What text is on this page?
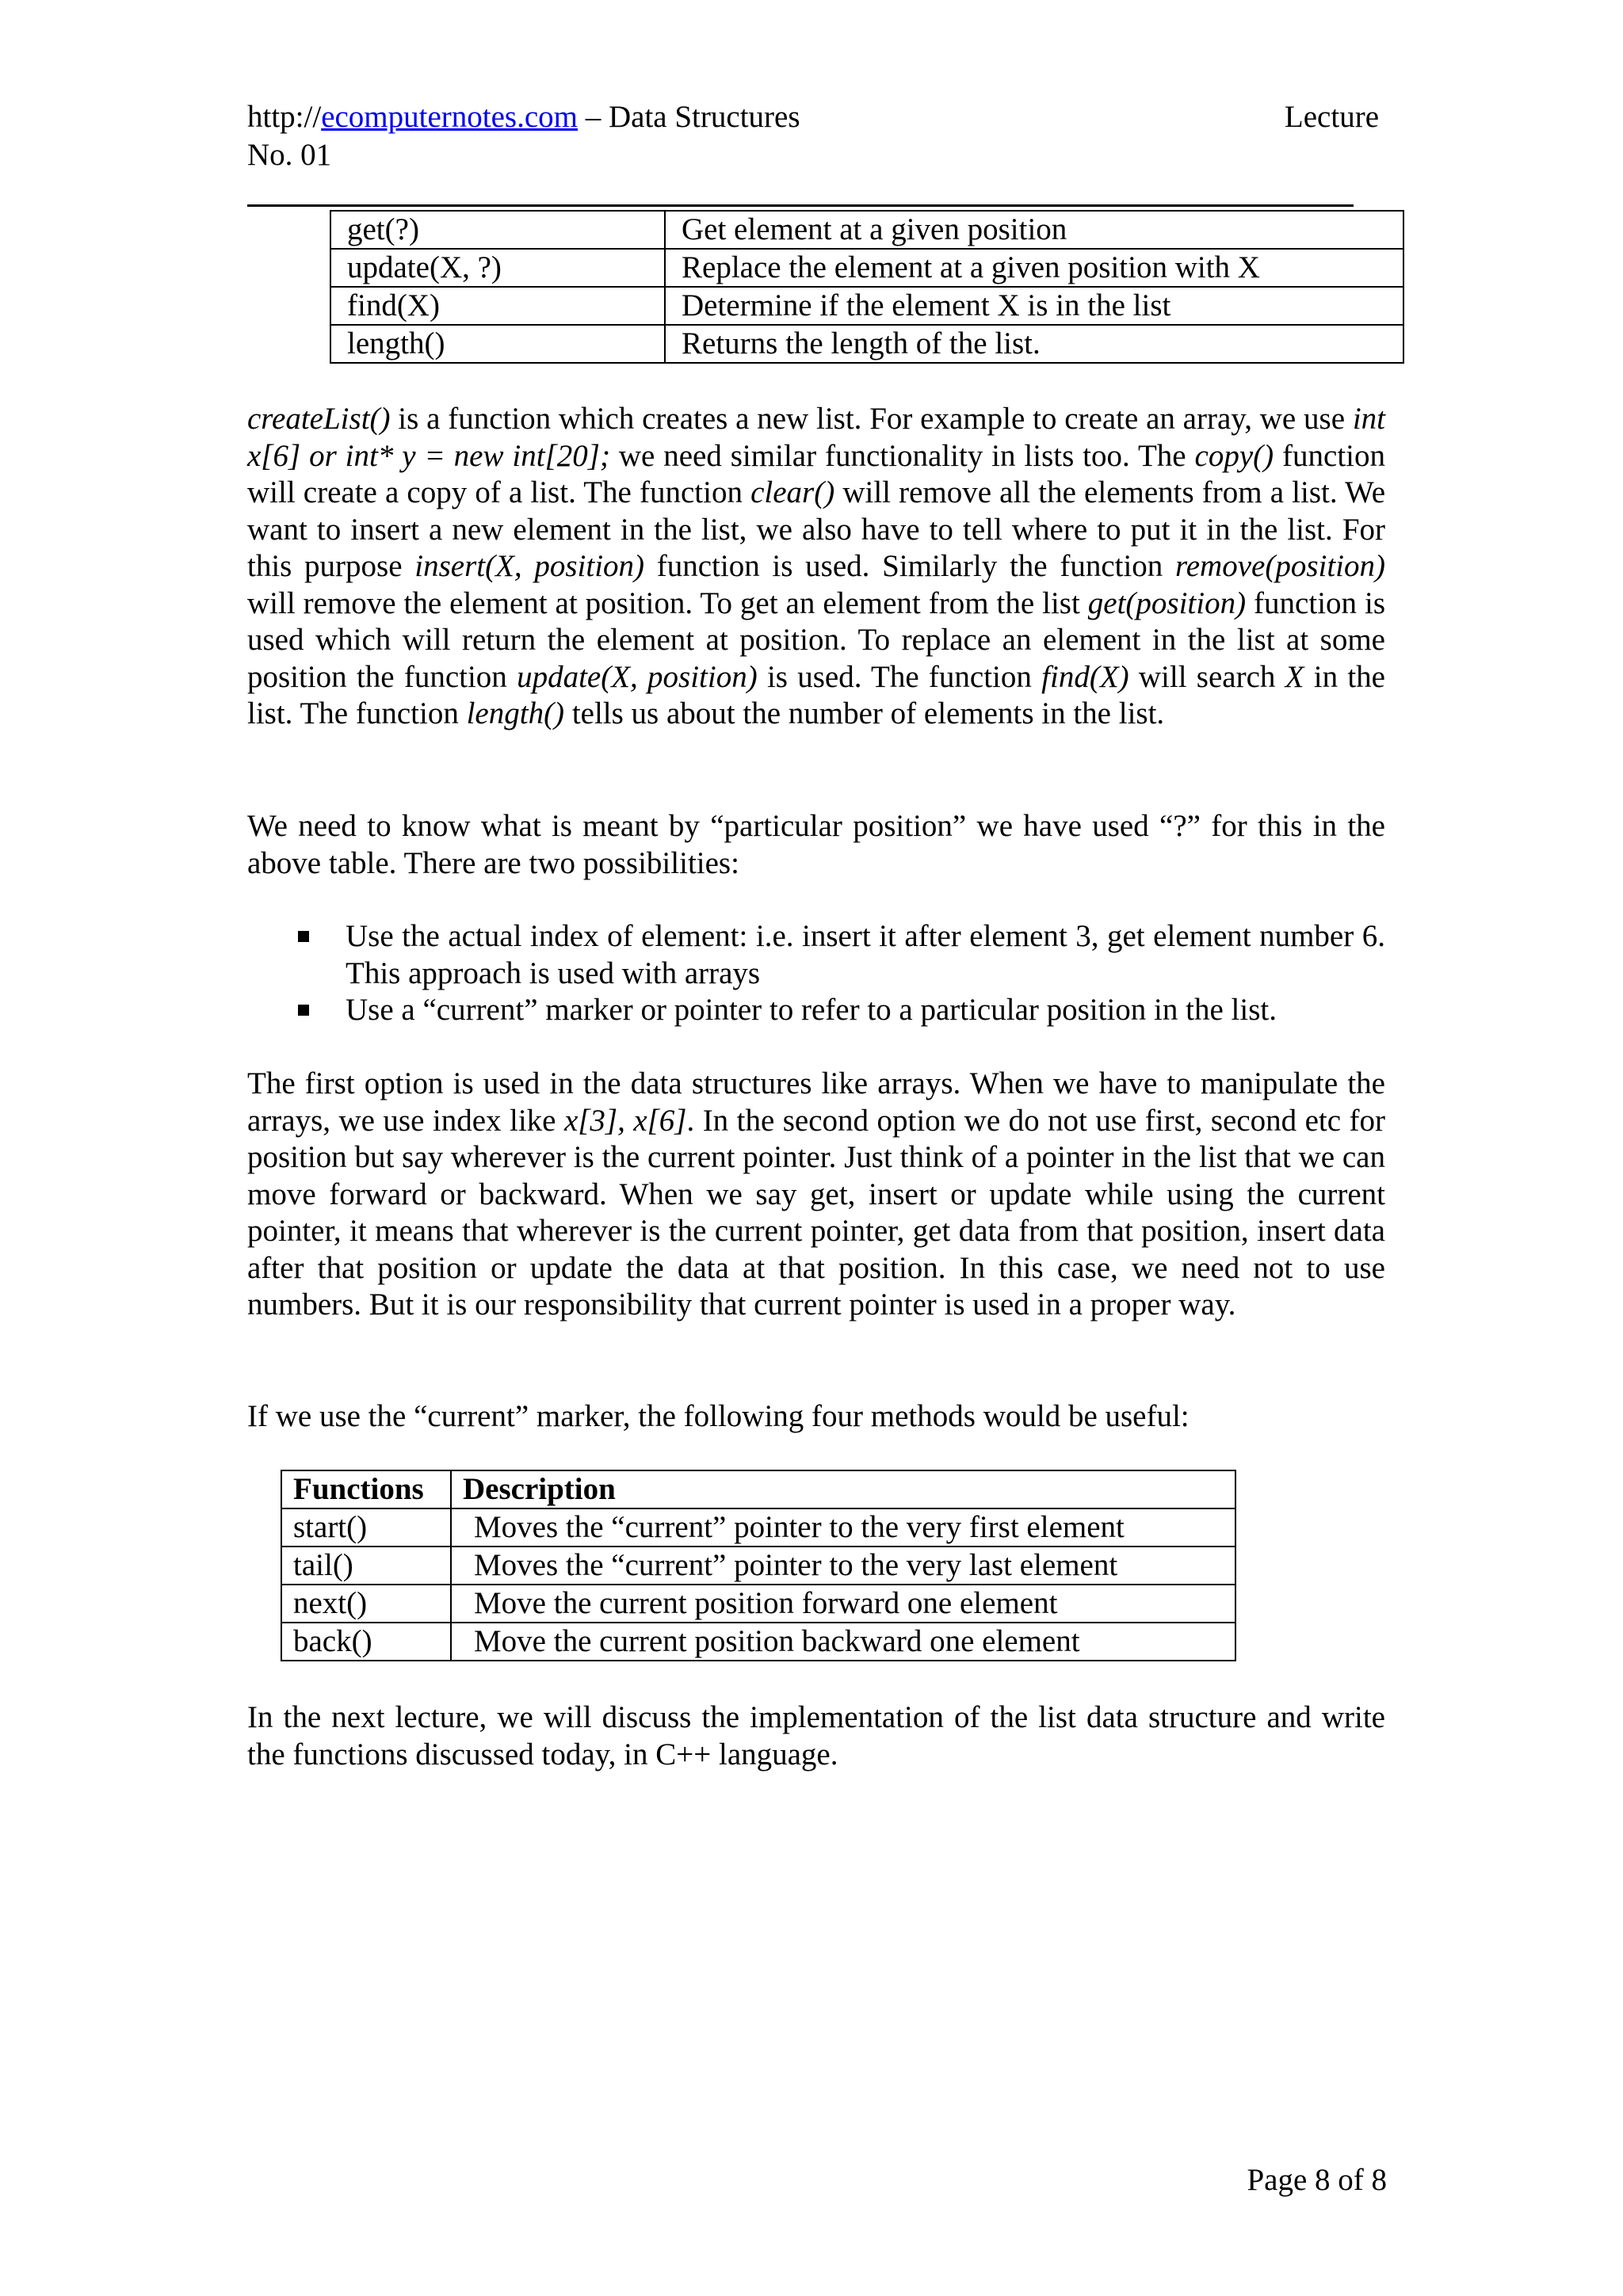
http://ecomputernotes.com – Data Structures	Lecture
No. 01
get(?)	Get element at a given position
update(X, ?)	Replace the element at a given position with X
find(X)	Determine if the element X is in the list
length()	Returns the length of the list.
createList() is a function which creates a new list. For example to create an array, we use int x[6] or int* y = new int[20]; we need similar functionality in lists too. The copy() function will create a copy of a list. The function clear() will remove all the elements from a list. We want to insert a new element in the list, we also have to tell where to put it in the list. For this purpose insert(X, position) function is used. Similarly the function remove(position) will remove the element at position. To get an element from the list get(position) function is used which will return the element at position. To replace an element in the list at some position the function update(X, position) is used. The function find(X) will search X in the list. The function length() tells us about the number of elements in the list.
We need to know what is meant by “particular position” we have used “?” for this in the above table. There are two possibilities:
Use the actual index of element: i.e. insert it after element 3, get element number 6. This approach is used with arrays
Use a “current” marker or pointer to refer to a particular position in the list.
The first option is used in the data structures like arrays. When we have to manipulate the arrays, we use index like x[3], x[6]. In the second option we do not use first, second etc for position but say wherever is the current pointer. Just think of a pointer in the list that we can move forward or backward. When we say get, insert or update while using the current pointer, it means that wherever is the current pointer, get data from that position, insert data after that position or update the data at that position. In this case, we need not to use numbers. But it is our responsibility that current pointer is used in a proper way.
If we use the “current” marker, the following four methods would be useful:
Functions	Description
start()	Moves the “current” pointer to the very first element
tail()	Moves the “current” pointer to the very last element
next()	Move the current position forward one element
back()	Move the current position backward one element
In the next lecture, we will discuss the implementation of the list data structure and write the functions discussed today, in C++ language.
Page 8 of 8
